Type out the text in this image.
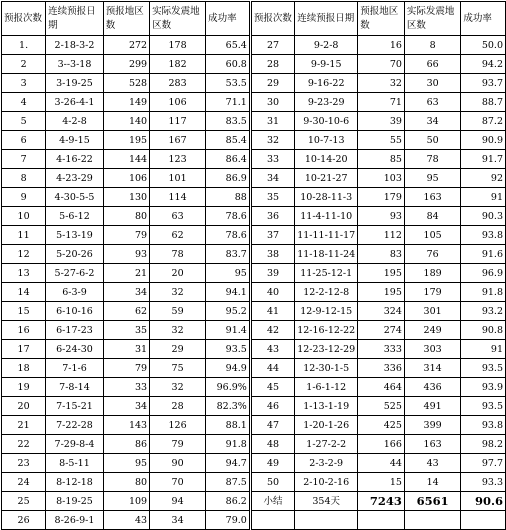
预报次数	连续预报日期	预报地区数	实际发震地区数	成功率	预报次数	连续预报日期	预报地区数	实际发震地区数	成功率
1.	2-18-3-2	272	178	65.4	27	9-2-8	16	8	50.0
2	3--3-18	299	182	60.8	28	9-9-15	70	66	94.2
3	3-19-25	528	283	53.5	29	9-16-22	32	30	93.7
4	3-26-4-1	149	106	71.1	30	9-23-29	71	63	88.7
5	4-2-8	140	117	83.5	31	9-30-10-6	39	34	87.2
6	4-9-15	195	167	85.4	32	10-7-13	55	50	90.9
7	4-16-22	144	123	86.4	33	10-14-20	85	78	91.7
8	4-23-29	106	101	86.9	34	10-21-27	103	95	92
9	4-30-5-5	130	114	88	35	10-28-11-3	179	163	91
10	5-6-12	80	63	78.6	36	11-4-11-10	93	84	90.3
11	5-13-19	79	62	78.6	37	11-11-11-17	112	105	93.8
12	5-20-26	93	78	83.7	38	11-18-11-24	83	76	91.6
13	5-27-6-2	21	20	95	39	11-25-12-1	195	189	96.9
14	6-3-9	34	32	94.1	40	12-2-12-8	195	179	91.8
15	6-10-16	62	59	95.2	41	12-9-12-15	324	301	93.2
16	6-17-23	35	32	91.4	42	12-16-12-22	274	249	90.8
17	6-24-30	31	29	93.5	43	12-23-12-29	333	303	91
18	7-1-6	79	75	94.9	44	12-30-1-5	336	314	93.5
19	7-8-14	33	32	96.9%	45	1-6-1-12	464	436	93.9
20	7-15-21	34	28	82.3%	46	1-13-1-19	525	491	93.5
21	7-22-28	143	126	88.1	47	1-20-1-26	425	399	93.8
22	7-29-8-4	86	79	91.8	48	1-27-2-2	166	163	98.2
23	8-5-11	95	90	94.7	49	2-3-2-9	44	43	97.7
24	8-12-18	80	70	87.5	50	2-10-2-16	15	14	93.3
25	8-19-25	109	94	86.2	小结	354天	7243	6561	90.6
26	8-26-9-1	43	34	79.0					
